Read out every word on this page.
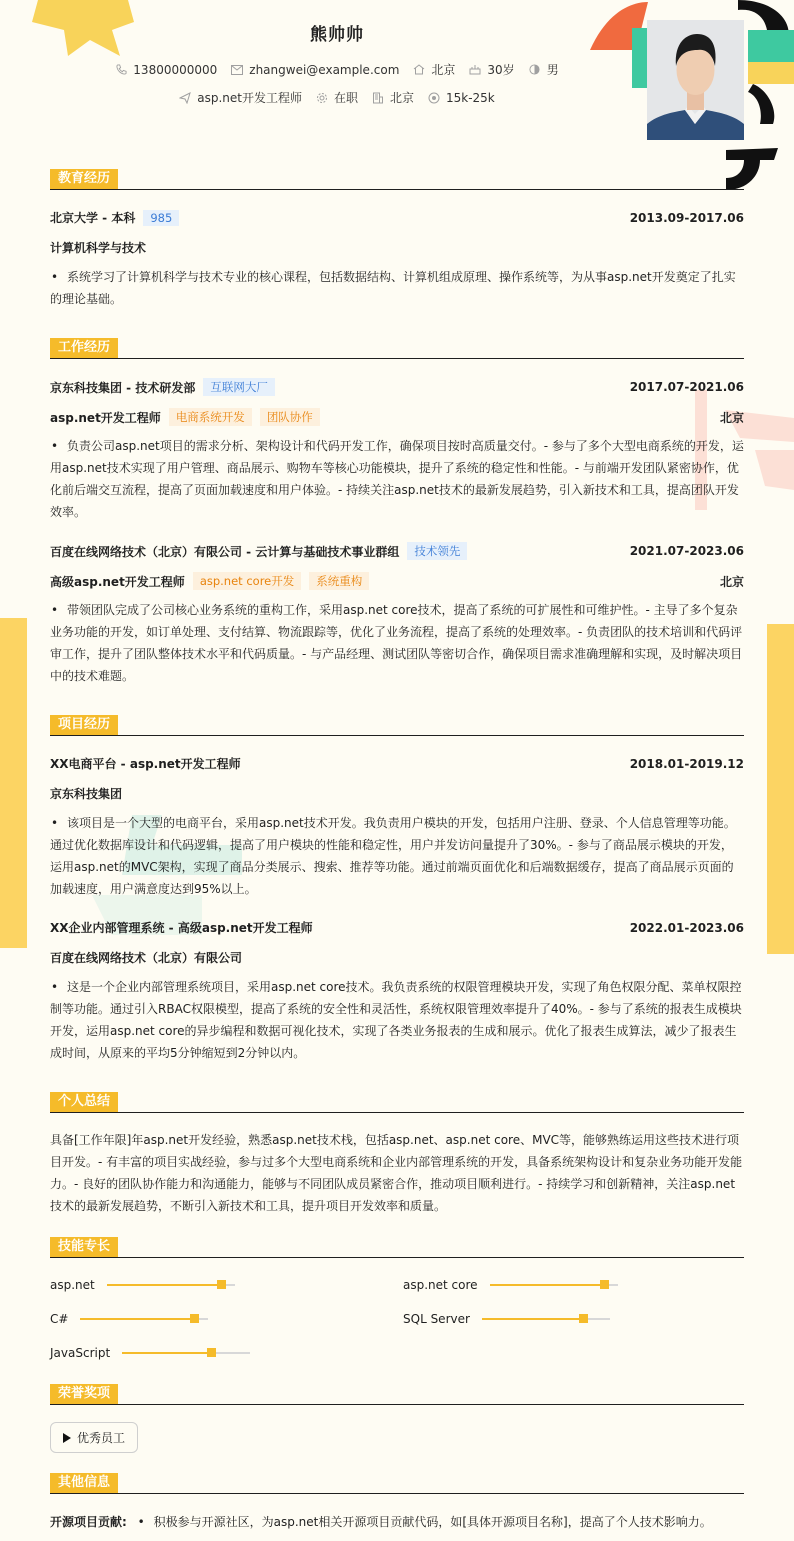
熊帅帅
13800000000	zhangwei@example.com	北京	30岁	男
asp.net开发工程师	在职	北京	15k-25k
教育经历
北京大学 - 本科	985	2013.09-2017.06
计算机科学与技术
• 系统学习了计算机科学与技术专业的核心课程，包括数据结构、计算机组成原理、操作系统等，为从事asp.net开发奠定了扎实的理论基础。
工作经历
京东科技集团 - 技术研发部	互联网大厂	2017.07-2021.06
asp.net开发工程师	电商系统开发	团队协作	北京
• 负责公司asp.net项目的需求分析、架构设计和代码开发工作，确保项目按时高质量交付。- 参与了多个大型电商系统的开发，运用asp.net技术实现了用户管理、商品展示、购物车等核心功能模块，提升了系统的稳定性和性能。- 与前端开发团队紧密协作，优化前后端交互流程，提高了页面加载速度和用户体验。- 持续关注asp.net技术的最新发展趋势，引入新技术和工具，提高团队开发效率。
百度在线网络技术（北京）有限公司 - 云计算与基础技术事业群组	技术领先	2021.07-2023.06
高级asp.net开发工程师	asp.net core开发	系统重构	北京
• 带领团队完成了公司核心业务系统的重构工作，采用asp.net core技术，提高了系统的可扩展性和可维护性。- 主导了多个复杂业务功能的开发，如订单处理、支付结算、物流跟踪等，优化了业务流程，提高了系统的处理效率。- 负责团队的技术培训和代码评审工作，提升了团队整体技术水平和代码质量。- 与产品经理、测试团队等密切合作，确保项目需求准确理解和实现，及时解决项目中的技术难题。
项目经历
XX电商平台 - asp.net开发工程师	2018.01-2019.12
京东科技集团
• 该项目是一个大型的电商平台，采用asp.net技术开发。我负责用户模块的开发，包括用户注册、登录、个人信息管理等功能。通过优化数据库设计和代码逻辑，提高了用户模块的性能和稳定性，用户并发访问量提升了30%。- 参与了商品展示模块的开发，运用asp.net的MVC架构，实现了商品分类展示、搜索、推荐等功能。通过前端页面优化和后端数据缓存，提高了商品展示页面的加载速度，用户满意度达到95%以上。
XX企业内部管理系统 - 高级asp.net开发工程师	2022.01-2023.06
百度在线网络技术（北京）有限公司
• 这是一个企业内部管理系统项目，采用asp.net core技术。我负责系统的权限管理模块开发，实现了角色权限分配、菜单权限控制等功能。通过引入RBAC权限模型，提高了系统的安全性和灵活性，系统权限管理效率提升了40%。- 参与了系统的报表生成模块开发，运用asp.net core的异步编程和数据可视化技术，实现了各类业务报表的生成和展示。优化了报表生成算法，减少了报表生成时间，从原来的平均5分钟缩短到2分钟以内。
个人总结
具备[工作年限]年asp.net开发经验，熟悉asp.net技术栈，包括asp.net、asp.net core、MVC等，能够熟练运用这些技术进行项目开发。- 有丰富的项目实战经验，参与过多个大型电商系统和企业内部管理系统的开发，具备系统架构设计和复杂业务功能开发能力。- 良好的团队协作能力和沟通能力，能够与不同团队成员紧密合作，推动项目顺利进行。- 持续学习和创新精神，关注asp.net技术的最新发展趋势，不断引入新技术和工具，提升项目开发效率和质量。
技能专长
asp.net	asp.net core
C#	SQL Server
JavaScript
荣誉奖项
优秀员工
其他信息
开源项目贡献: • 积极参与开源社区，为asp.net相关开源项目贡献代码，如[具体开源项目名称]，提高了个人技术影响力。
